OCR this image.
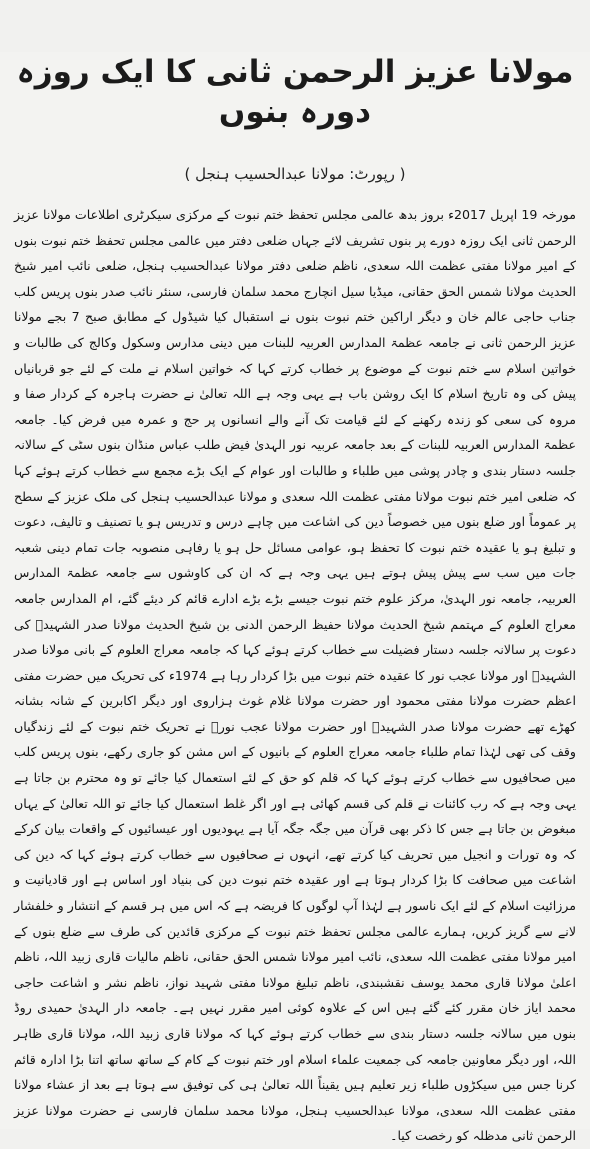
مولانا عزیز الرحمن ثانی کا ایک روزہ دورہ بنوں
( رپورٹ: مولانا عبدالحسیب ہنجل )

مورخہ 19 اپریل 2017ء بروز بدھ عالمی مجلس تحفظ ختم نبوت کے مرکزی سیکرٹری اطلاعات مولانا عزیز الرحمن ثانی ایک روزہ دورے پر بنوں تشریف لائے جہاں ضلعی دفتر میں عالمی مجلس تحفظ ختم نبوت بنوں کے امیر مولانا مفتی عظمت اللہ سعدی، ناظم ضلعی دفتر مولانا عبدالحسیب ہنجل، ضلعی نائب امیر شیخ الحدیث مولانا شمس الحق حقانی، میڈیا سیل انچارج محمد سلمان فارسی، سنئر نائب صدر بنوں پریس کلب جناب حاجی عالم خان و دیگر اراکین ختم نبوت بنوں نے استقبال کیا شیڈول کے مطابق صبح 7 بجے مولانا عزیز الرحمن ثانی نے جامعہ عظمۃ المدارس العربیہ للبنات میں دینی مدارس وسکول وکالج کی طالبات و خواتین اسلام سے ختم نبوت کے موضوع پر خطاب کرتے کہا کہ خواتین اسلام نے ملت کے لئے جو قربانیاں پیش کی وہ تاریخ اسلام کا ایک روشن باب ہے یہی وجہ ہے اللہ تعالیٰ نے حضرت ہاجرہ کے کردار صفا و مروہ کی سعی کو زندہ رکھنے کے لئے قیامت تک آنے والے انسانوں پر حج و عمرہ میں فرض کیا۔ جامعہ عظمۃ المدارس العربیہ للبنات کے بعد جامعہ عربیہ نور الہدیٰ فیض طلب عباس منڈان بنوں سٹی کے سالانہ جلسہ دستار بندی و چادر پوشی میں طلباء و طالبات اور عوام کے ایک بڑے مجمع سے خطاب کرتے ہوئے کہا کہ ضلعی امیر ختم نبوت مولانا مفتی عظمت اللہ سعدی و مولانا عبدالحسیب ہنجل کی ملک عزیز کے سطح پر عموماً اور ضلع بنوں میں خصوصاً دین کی اشاعت میں چاہے درس و تدریس ہو یا تصنیف و تالیف، دعوت و تبلیغ ہو یا عقیدہ ختم نبوت کا تحفظ ہو، عوامی مسائل حل ہو یا رفاہی منصوبہ جات تمام دینی شعبہ جات میں سب سے پیش پیش ہوتے ہیں یہی وجہ ہے کہ ان کی کاوشوں سے جامعہ عظمۃ المدارس العربیہ، جامعہ نور الہدیٰ، مرکز علوم ختم نبوت جیسے بڑے بڑے ادارے قائم کر دیئے گئے، ام المدارس جامعہ معراج العلوم کے مہتمم شیخ الحدیث مولانا حفیظ الرحمن الدنی بن شیخ الحدیث مولانا صدر الشہیدؒ کی دعوت پر سالانہ جلسہ دستار فضیلت سے خطاب کرتے ہوئے کہا کہ جامعہ معراج العلوم کے بانی مولانا صدر الشہیدؒ اور مولانا عجب نور کا عقیدہ ختم نبوت میں بڑا کردار رہا ہے 1974ء کی تحریک میں حضرت مفتی اعظم حضرت مولانا مفتی محمود اور حضرت مولانا غلام غوث ہزاروی اور دیگر اکابرین کے شانہ بشانہ کھڑے تھے حضرت مولانا صدر الشہیدؒ اور حضرت مولانا عجب نورؒ نے تحریک ختم نبوت کے لئے زندگیاں وقف کی تھی لہٰذا تمام طلباء جامعہ معراج العلوم کے بانیوں کے اس مشن کو جاری رکھے، بنوں پریس کلب میں صحافیوں سے خطاب کرتے ہوئے کہا کہ قلم کو حق کے لئے استعمال کیا جائے تو وہ محترم بن جاتا ہے یہی وجہ ہے کہ رب کائنات نے قلم کی قسم کھائی ہے اور اگر غلط استعمال کیا جائے تو اللہ تعالیٰ کے یہاں مبغوض بن جاتا ہے جس کا ذکر بھی قرآن میں جگہ جگہ آیا ہے یہودیوں اور عیسائیوں کے واقعات بیان کرکے کہ وہ تورات و انجیل میں تحریف کیا کرتے تھے، انہوں نے صحافیوں سے خطاب کرتے ہوئے کہا کہ دین کی اشاعت میں صحافت کا بڑا کردار ہوتا ہے اور عقیدہ ختم نبوت دین کی بنیاد اور اساس ہے اور قادیانیت و مرزائیت اسلام کے لئے ایک ناسور ہے لہٰذا آپ لوگوں کا فریضہ ہے کہ اس میں ہر قسم کے انتشار و خلفشار لانے سے گریز کریں، ہمارے عالمی مجلس تحفظ ختم نبوت کے مرکزی قائدین کی طرف سے ضلع بنوں کے امیر مولانا مفتی عظمت اللہ سعدی، نائب امیر مولانا شمس الحق حقانی، ناظم مالیات قاری زبید اللہ، ناظم اعلیٰ مولانا قاری محمد یوسف نقشبندی، ناظم تبلیغ مولانا مفتی شہید نواز، ناظم نشر و اشاعت حاجی محمد ایاز خان مقرر کئے گئے ہیں اس کے علاوہ کوئی امیر مقرر نہیں ہے۔ جامعہ دار الہدیٰ حمیدی روڈ بنوں میں سالانہ جلسہ دستار بندی سے خطاب کرتے ہوئے کہا کہ مولانا قاری زبید اللہ، مولانا قاری ظاہر اللہ، اور دیگر معاونین جامعہ کی جمعیت علماء اسلام اور ختم نبوت کے کام کے ساتھ ساتھ اتنا بڑا ادارہ قائم کرنا جس میں سیکڑوں طلباء زیر تعلیم ہیں یقیناً اللہ تعالیٰ ہی کی توفیق سے ہوتا ہے بعد از عشاء مولانا مفتی عظمت اللہ سعدی، مولانا عبدالحسیب ہنجل، مولانا محمد سلمان فارسی نے حضرت مولانا عزیز الرحمن ثانی مدظلہ کو رخصت کیا۔
